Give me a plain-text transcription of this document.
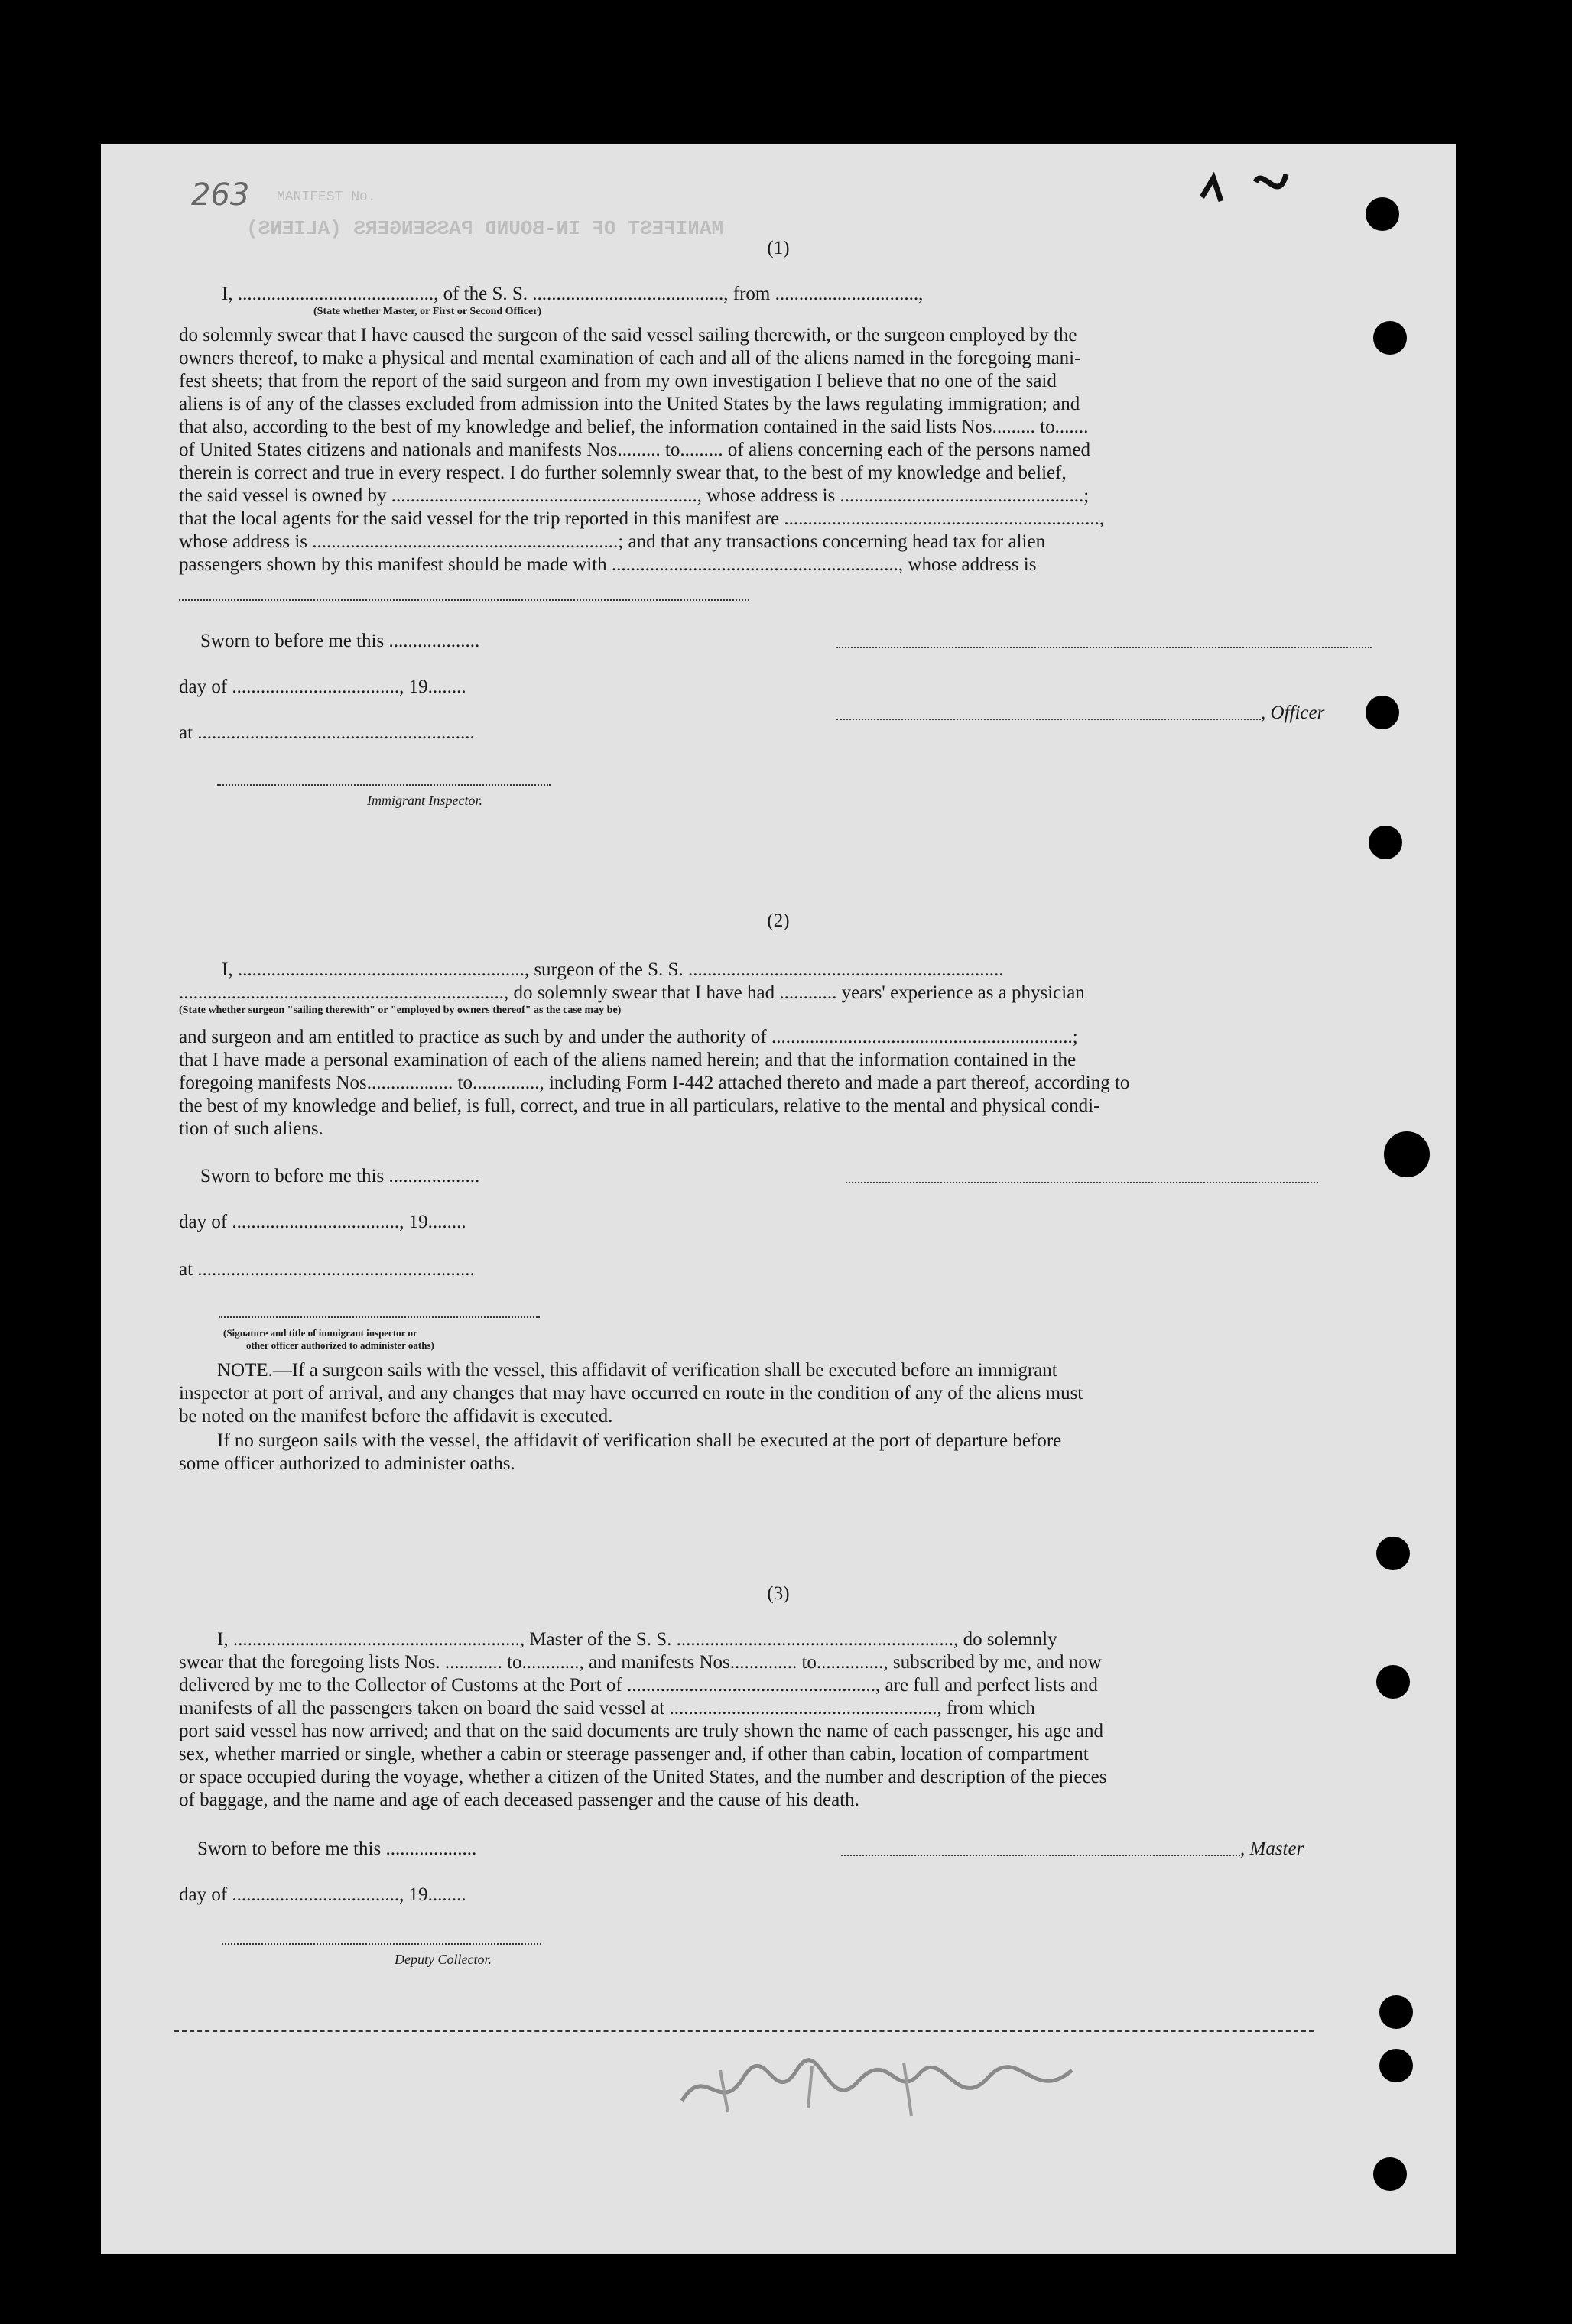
MANIFEST No.
MANIFEST OF IN-BOUND PASSENGERS (ALIENS)
263
(1)
I, ........................................., of the S. S. ........................................, from ..............................,
(State whether Master, or First or Second Officer)
do solemnly swear that I have caused the surgeon of the said vessel sailing therewith, or the surgeon employed by the
owners thereof, to make a physical and mental examination of each and all of the aliens named in the foregoing mani-
fest sheets; that from the report of the said surgeon and from my own investigation I believe that no one of the said
aliens is of any of the classes excluded from admission into the United States by the laws regulating immigration; and
that also, according to the best of my knowledge and belief, the information contained in the said lists Nos......... to.......
of United States citizens and nationals and manifests Nos......... to......... of aliens concerning each of the persons named
therein is correct and true in every respect. I do further solemnly swear that, to the best of my knowledge and belief,
the said vessel is owned by ................................................................, whose address is ...................................................;
that the local agents for the said vessel for the trip reported in this manifest are ..................................................................,
whose address is ................................................................; and that any transactions concerning head tax for alien
passengers shown by this manifest should be made with ............................................................, whose address is
Sworn to before me this ...................
day of ..................................., 19........
, Officer
at ..........................................................
Immigrant Inspector.
(2)
I, ............................................................, surgeon of the S. S. ..................................................................
...................................................................., do solemnly swear that I have had ............ years' experience as a physician
(State whether surgeon "sailing therewith" or "employed by owners thereof" as the case may be)
and surgeon and am entitled to practice as such by and under the authority of ...............................................................;
that I have made a personal examination of each of the aliens named herein; and that the information contained in the
foregoing manifests Nos.................. to.............., including Form I-442 attached thereto and made a part thereof, according to
the best of my knowledge and belief, is full, correct, and true in all particulars, relative to the mental and physical condi-
tion of such aliens.
Sworn to before me this ...................
day of ..................................., 19........
at ..........................................................
(Signature and title of immigrant inspector or
other officer authorized to administer oaths)
NOTE.—If a surgeon sails with the vessel, this affidavit of verification shall be executed before an immigrant
inspector at port of arrival, and any changes that may have occurred en route in the condition of any of the aliens must
be noted on the manifest before the affidavit is executed.
If no surgeon sails with the vessel, the affidavit of verification shall be executed at the port of departure before
some officer authorized to administer oaths.
(3)
I, ............................................................, Master of the S. S. .........................................................., do solemnly
swear that the foregoing lists Nos. ............ to............, and manifests Nos.............. to.............., subscribed by me, and now
delivered by me to the Collector of Customs at the Port of ...................................................., are full and perfect lists and
manifests of all the passengers taken on board the said vessel at ........................................................, from which
port said vessel has now arrived; and that on the said documents are truly shown the name of each passenger, his age and
sex, whether married or single, whether a cabin or steerage passenger and, if other than cabin, location of compartment
or space occupied during the voyage, whether a citizen of the United States, and the number and description of the pieces
of baggage, and the name and age of each deceased passenger and the cause of his death.
Sworn to before me this ...................	, Master
day of ..................................., 19........
Deputy Collector.
